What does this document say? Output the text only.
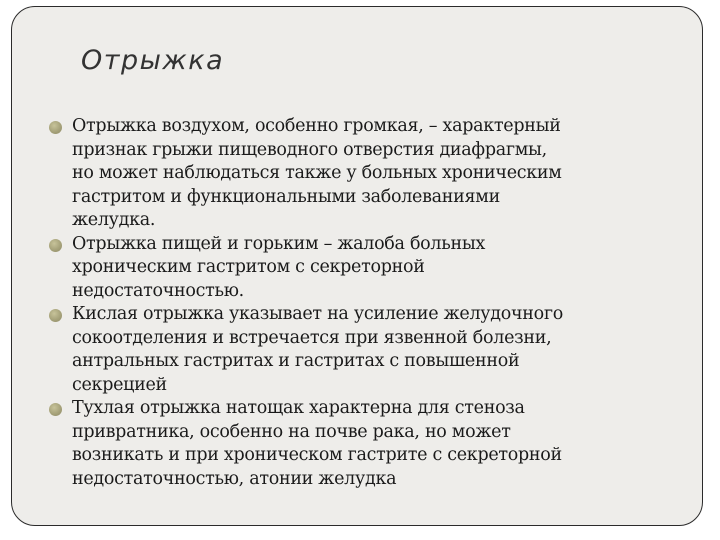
Отрыжка
Отрыжка воздухом, особенно громкая, – характерный
признак грыжи пищеводного отверстия диафрагмы,
но может наблюдаться также у больных хроническим
гастритом и функциональными заболеваниями
желудка.
Отрыжка пищей и горьким – жалоба больных
хроническим гастритом с секреторной
недостаточностью.
Кислая отрыжка указывает на усиление желудочного
сокоотделения и встречается при язвенной болезни,
антральных гастритах и гастритах с повышенной
секрецией
Тухлая отрыжка натощак характерна для стеноза
привратника, особенно на почве рака, но может
возникать и при хроническом гастрите с секреторной
недостаточностью, атонии желудка
